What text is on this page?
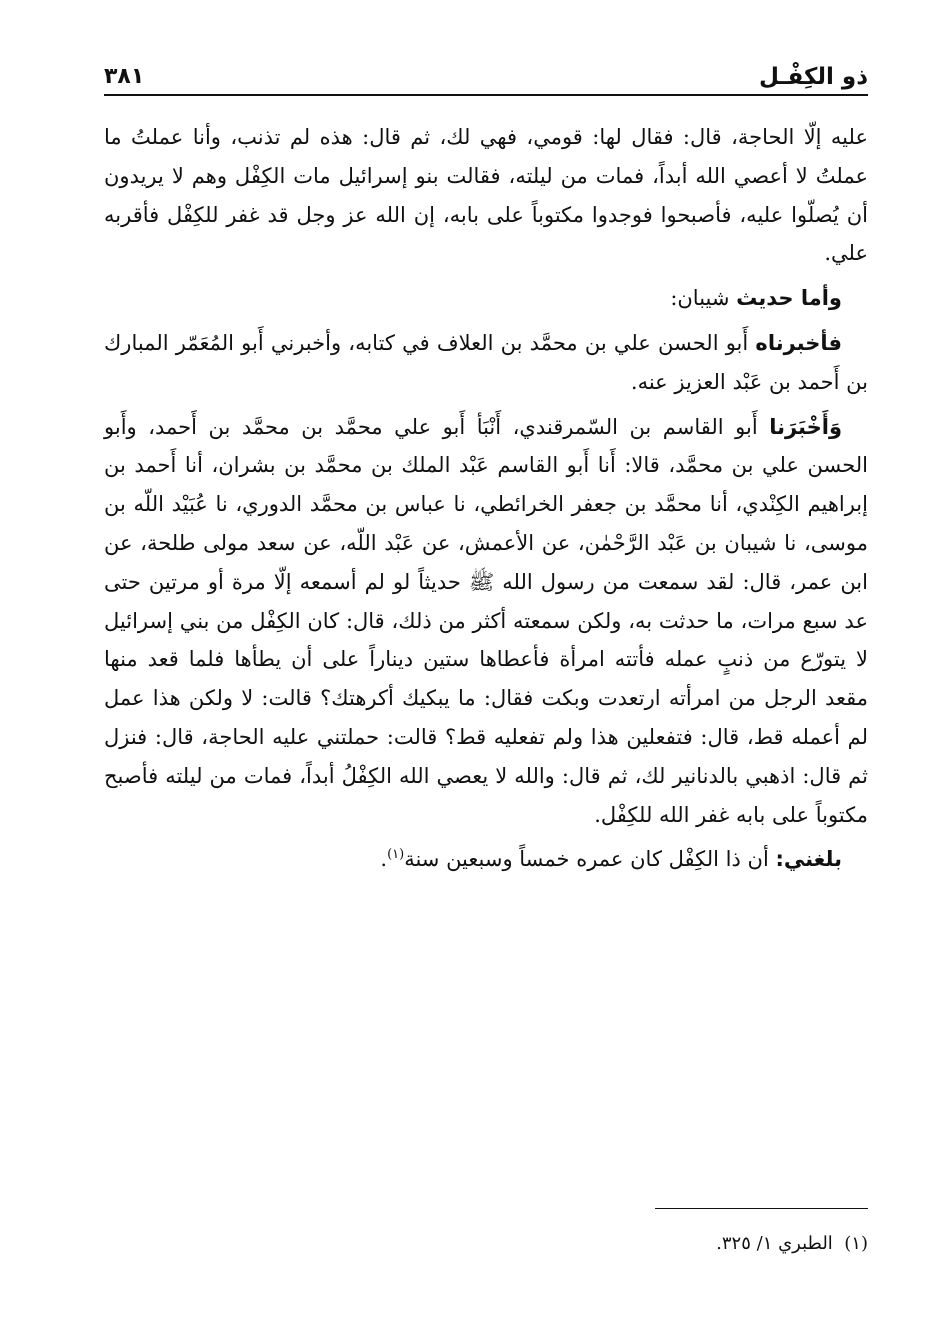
ذو الكِفْـل
٣٨١

عليه إلّا الحاجة، قال: فقال لها: قومي، فهي لك، ثم قال: هذه لم تذنب، وأنا عملتُ ما عملتُ لا أعصي الله أبداً، فمات من ليلته، فقالت بنو إسرائيل مات الكِفْل وهم لا يريدون أن يُصلّوا عليه، فأصبحوا فوجدوا مكتوباً على بابه، إن الله عز وجل قد غفر للكِفْل فأقربه علي.

وأما حديث شيبان:

فأخبرناه أَبو الحسن علي بن محمَّد بن العلاف في كتابه، وأخبرني أَبو المُعَمّر المبارك بن أَحمد بن عَبْد العزيز عنه.

وَأَخْبَرَنا أَبو القاسم بن السّمرقندي، أَنْبَأ أَبو علي محمَّد بن محمَّد بن أَحمد، وأَبو الحسن علي بن محمَّد، قالا: أَنا أَبو القاسم عَبْد الملك بن محمَّد بن بشران، أنا أَحمد بن إبراهيم الكِنْدي، أنا محمَّد بن جعفر الخرائطي، نا عباس بن محمَّد الدوري، نا عُبَيْد اللّه بن موسى، نا شيبان بن عَبْد الرَّحْمٰن، عن الأعمش، عن عَبْد اللّه، عن سعد مولى طلحة، عن ابن عمر، قال: لقد سمعت من رسول الله ﷺ حديثاً لو لم أسمعه إلّا مرة أو مرتين حتى عد سبع مرات، ما حدثت به، ولكن سمعته أكثر من ذلك، قال: كان الكِفْل من بني إسرائيل لا يتورّع من ذنبٍ عمله فأتته امرأة فأعطاها ستين ديناراً على أن يطأها فلما قعد منها مقعد الرجل من امرأته ارتعدت وبكت فقال: ما يبكيك أكرهتك؟ قالت: لا ولكن هذا عمل لم أعمله قط، قال: فتفعلين هذا ولم تفعليه قط؟ قالت: حملتني عليه الحاجة، قال: فنزل ثم قال: اذهبي بالدنانير لك، ثم قال: والله لا يعصي الله الكِفْلُ أبداً، فمات من ليلته فأصبح مكتوباً على بابه غفر الله للكِفْل.

بلغني: أن ذا الكِفْل كان عمره خمساً وسبعين سنة$^{(١)}$.

(١)  الطبري ١/ ٣٢٥.
